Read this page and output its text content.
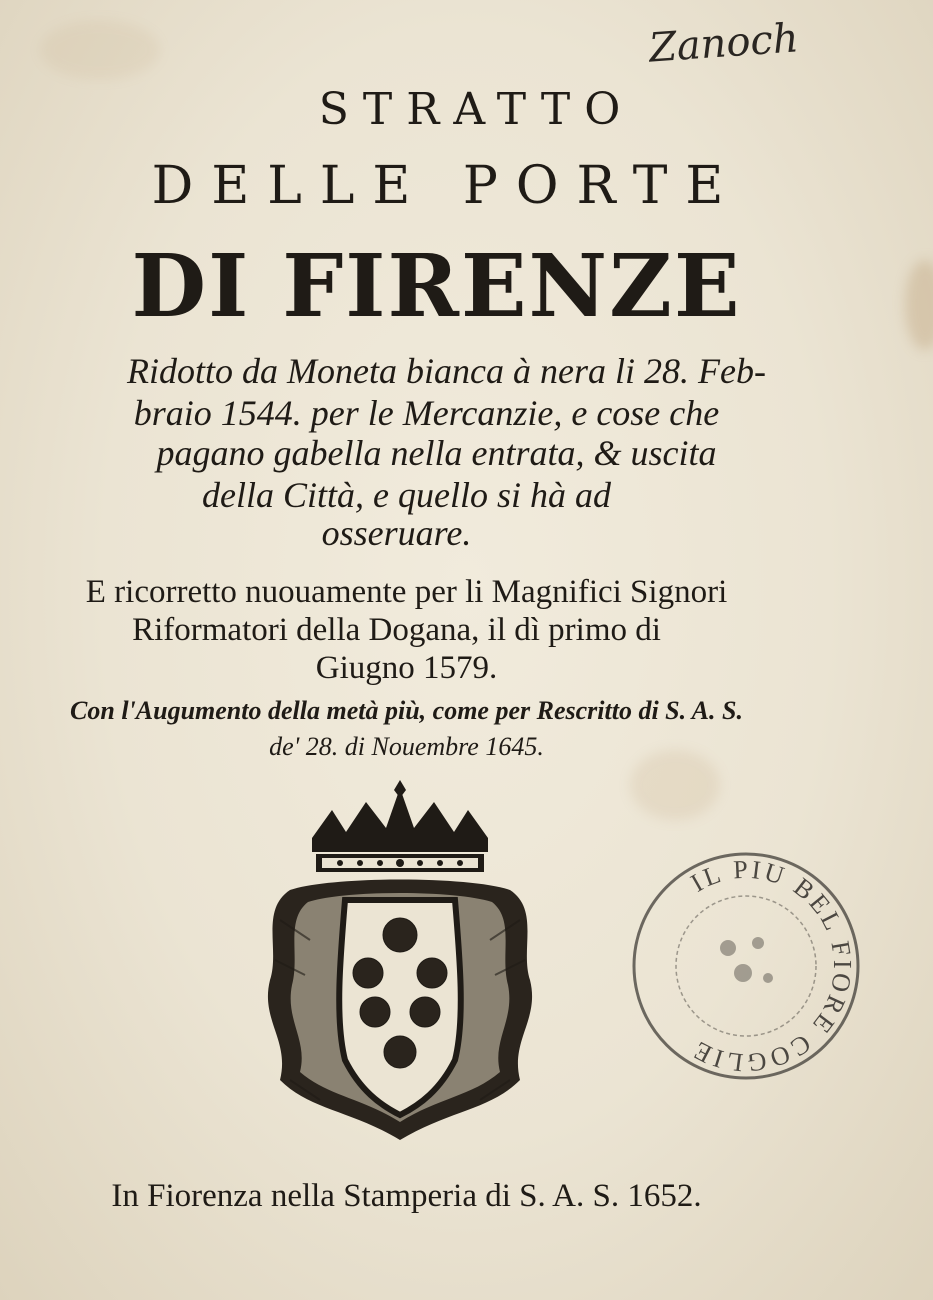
Zanoch
STRATTO
DELLE PORTE
DI FIRENZE
Ridotto da Moneta bianca à nera li 28. Feb-
braio 1544. per le Mercanzie, e cose che
pagano gabella nella entrata, & uscita
della Città, e quello si hà ad
osseruare.
E ricorretto nuouamente per li Magnifici Signori
Riformatori della Dogana, il dì primo di
Giugno 1579.
Con l'Augumento della metà più, come per Rescritto di S. A. S.
de' 28. di Nouembre 1645.
IL PIU BEL FIORE COGLIE
In Fiorenza nella Stamperia di S. A. S. 1652.
